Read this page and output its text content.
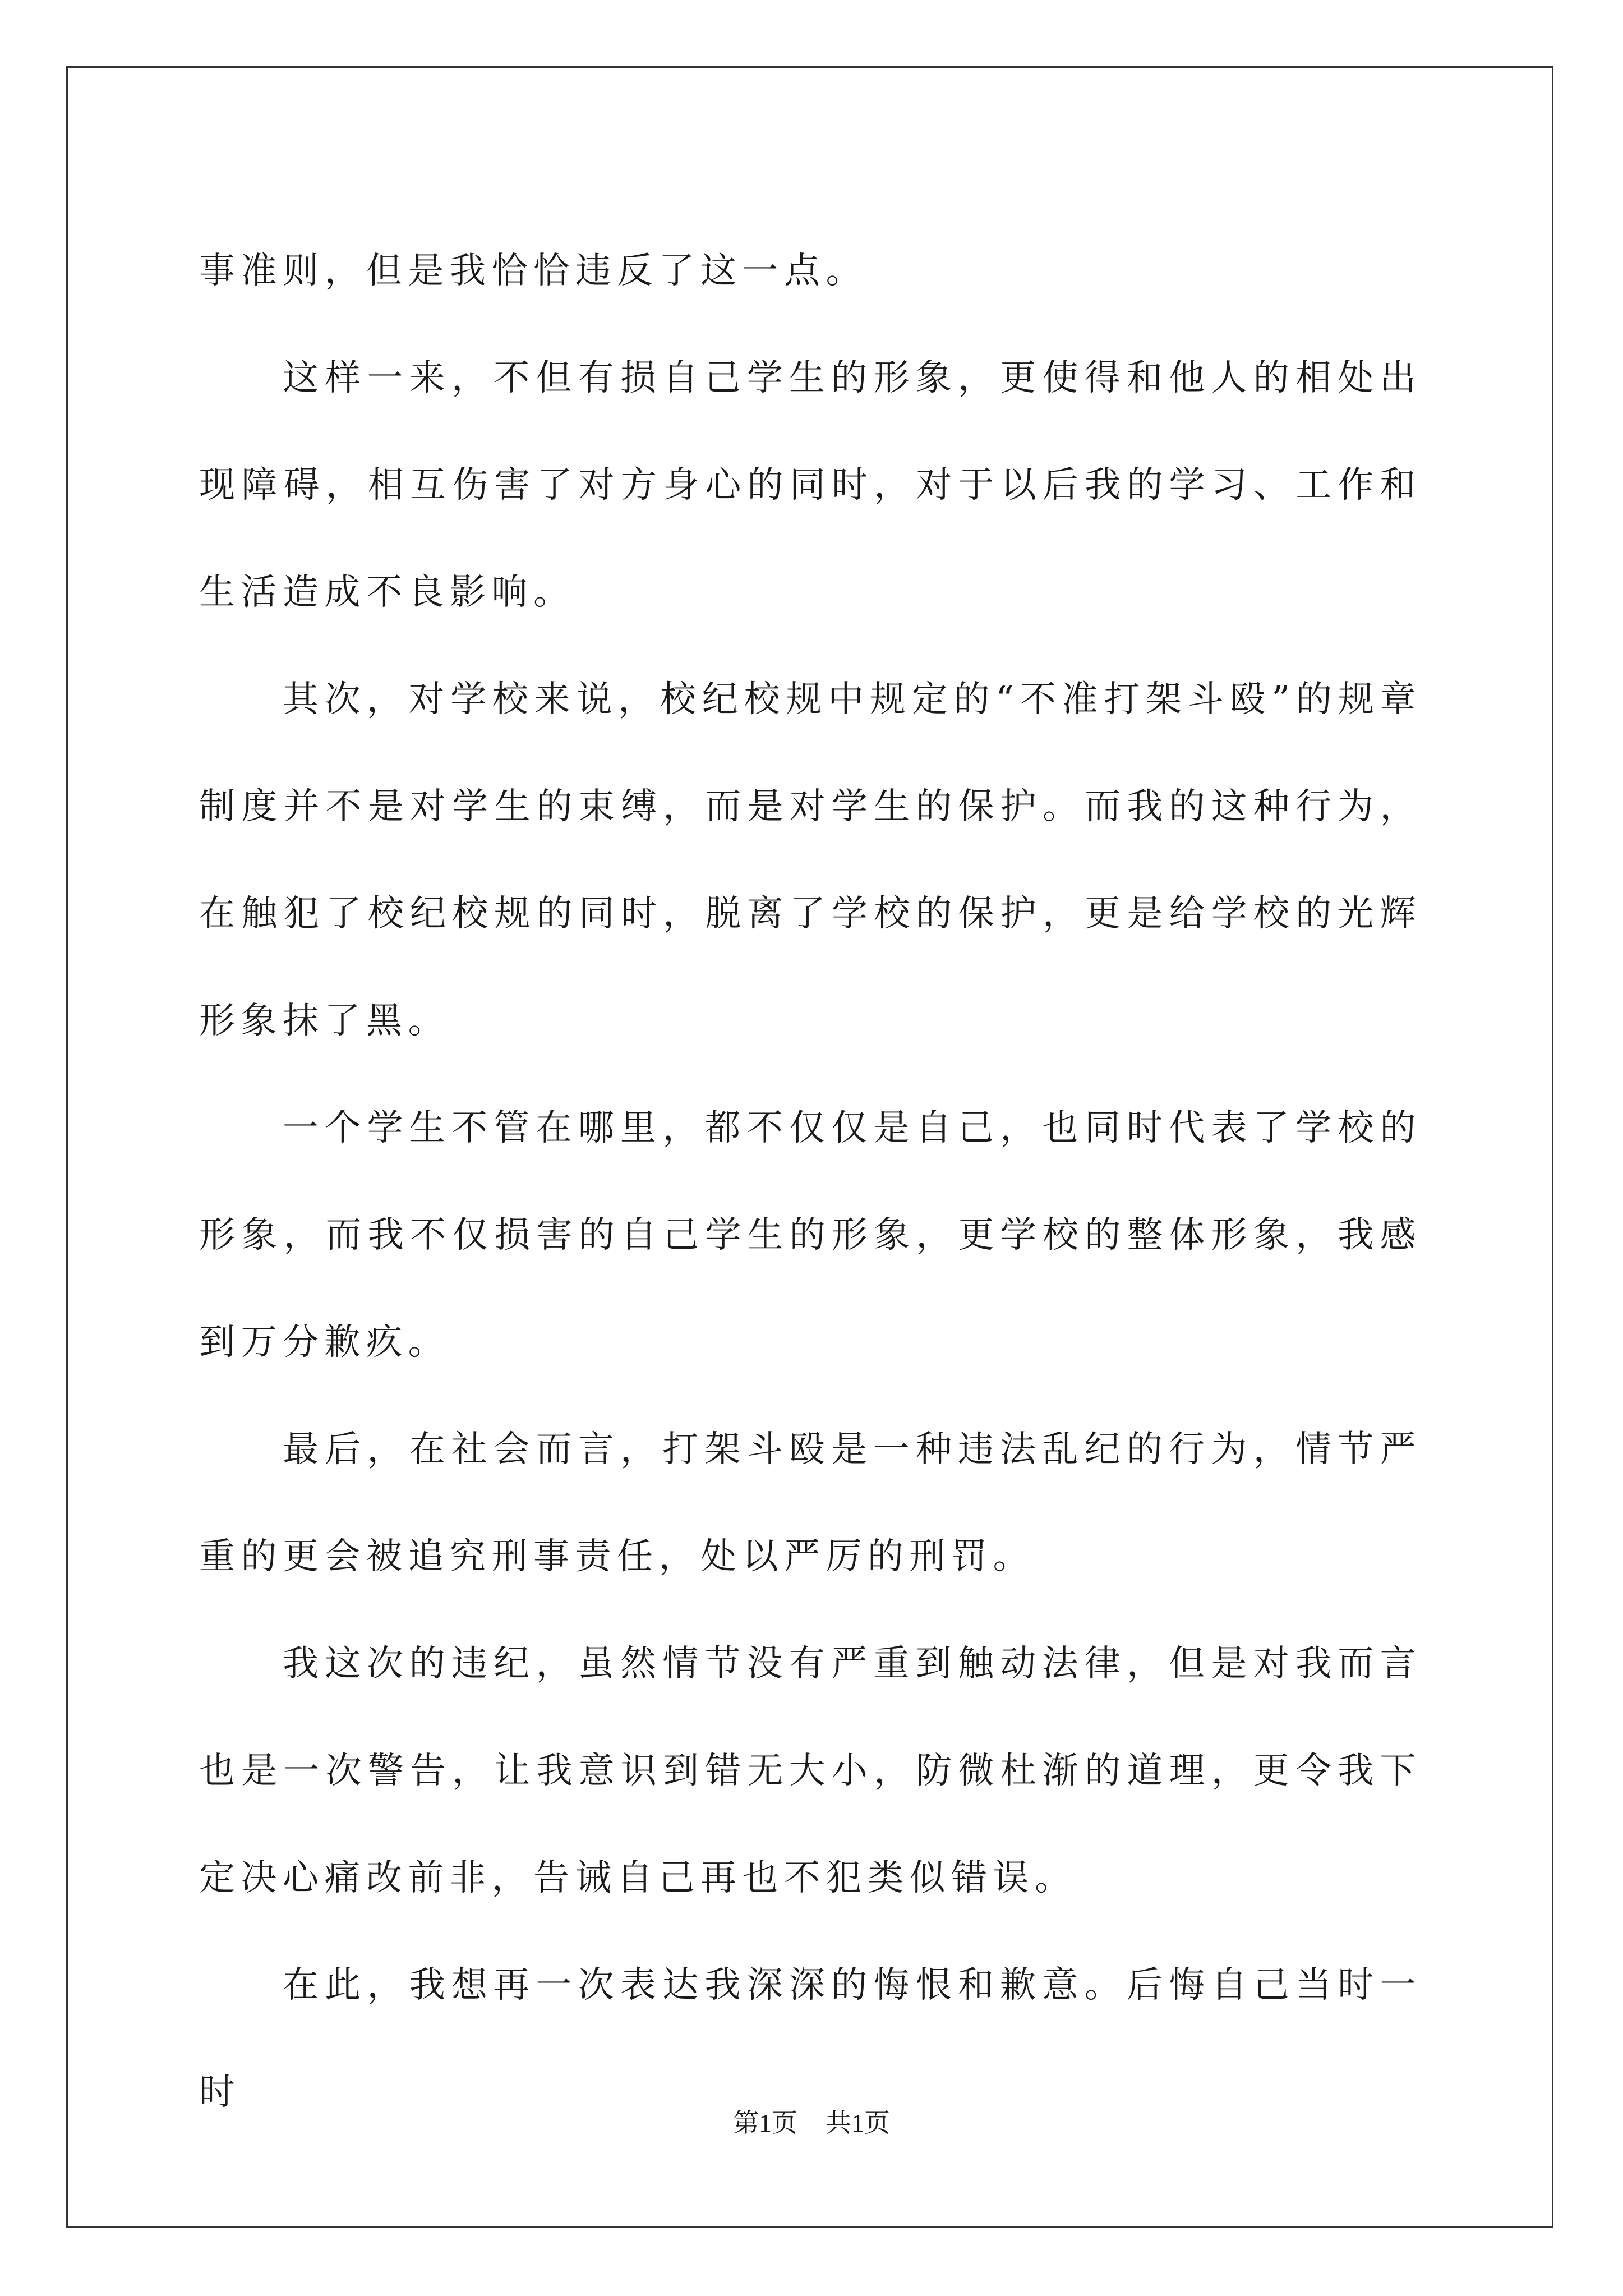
事准则，但是我恰恰违反了这一点。

这样一来，不但有损自己学生的形象，更使得和他人的相处出现障碍，相互伤害了对方身心的同时，对于以后我的学习、工作和生活造成不良影响。

其次，对学校来说，校纪校规中规定的“不准打架斗殴”的规章制度并不是对学生的束缚，而是对学生的保护。而我的这种行为，在触犯了校纪校规的同时，脱离了学校的保护，更是给学校的光辉形象抹了黑。

一个学生不管在哪里，都不仅仅是自己，也同时代表了学校的形象，而我不仅损害的自己学生的形象，更学校的整体形象，我感到万分歉疚。

最后，在社会而言，打架斗殴是一种违法乱纪的行为，情节严重的更会被追究刑事责任，处以严厉的刑罚。

我这次的违纪，虽然情节没有严重到触动法律，但是对我而言也是一次警告，让我意识到错无大小，防微杜渐的道理，更令我下定决心痛改前非，告诫自己再也不犯类似错误。

在此，我想再一次表达我深深的悔恨和歉意。后悔自己当时一时

第1页 共1页
